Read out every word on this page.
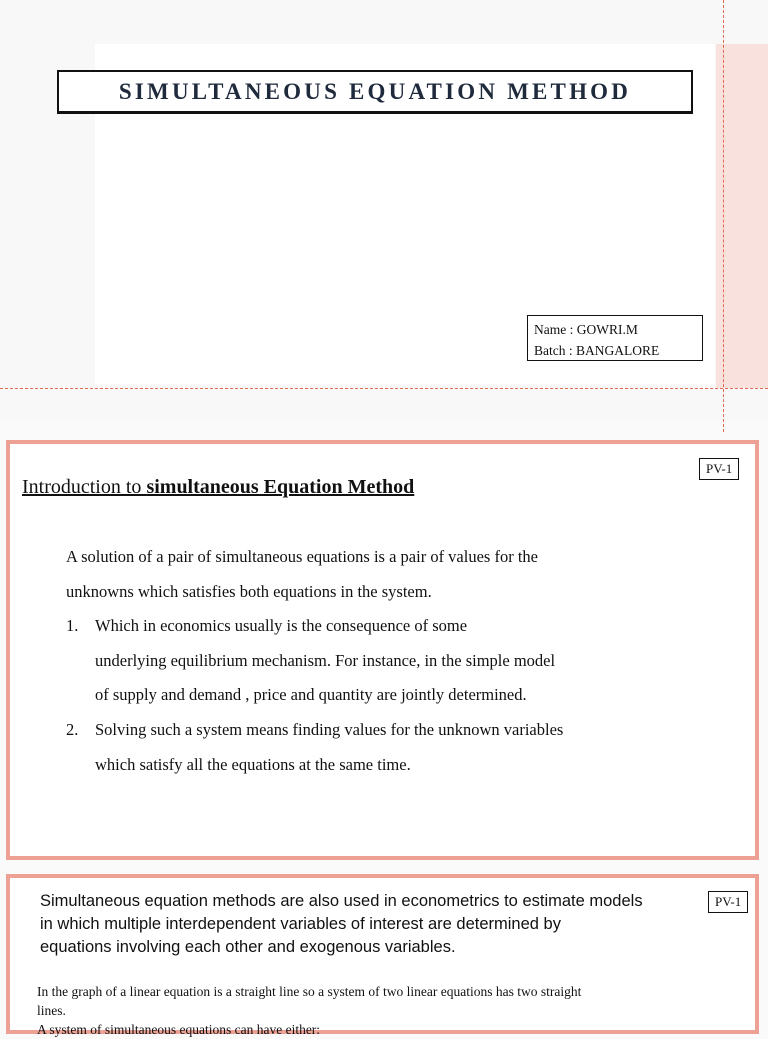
SIMULTANEOUS EQUATION METHOD
Name : GOWRI.M
Batch : BANGALORE
PV-1
Introduction to simultaneous Equation Method

A solution of a pair of simultaneous equations is a pair of values for the

unknowns which satisfies both equations in the system.

1. Which in economics usually is the consequence of some
underlying equilibrium mechanism. For instance, in the simple model
of supply and demand , price and quantity are jointly determined.
2. Solving such a system means finding values for the unknown variables
which satisfy all the equations at the same time.
PV-1
Simultaneous equation methods are also used in econometrics to estimate models
in which multiple interdependent variables of interest are determined by
equations involving each other and exogenous variables.
In the graph of a linear equation is a straight line so a system of two linear equations has two straight
lines.
A system of simultaneous equations can have either:
